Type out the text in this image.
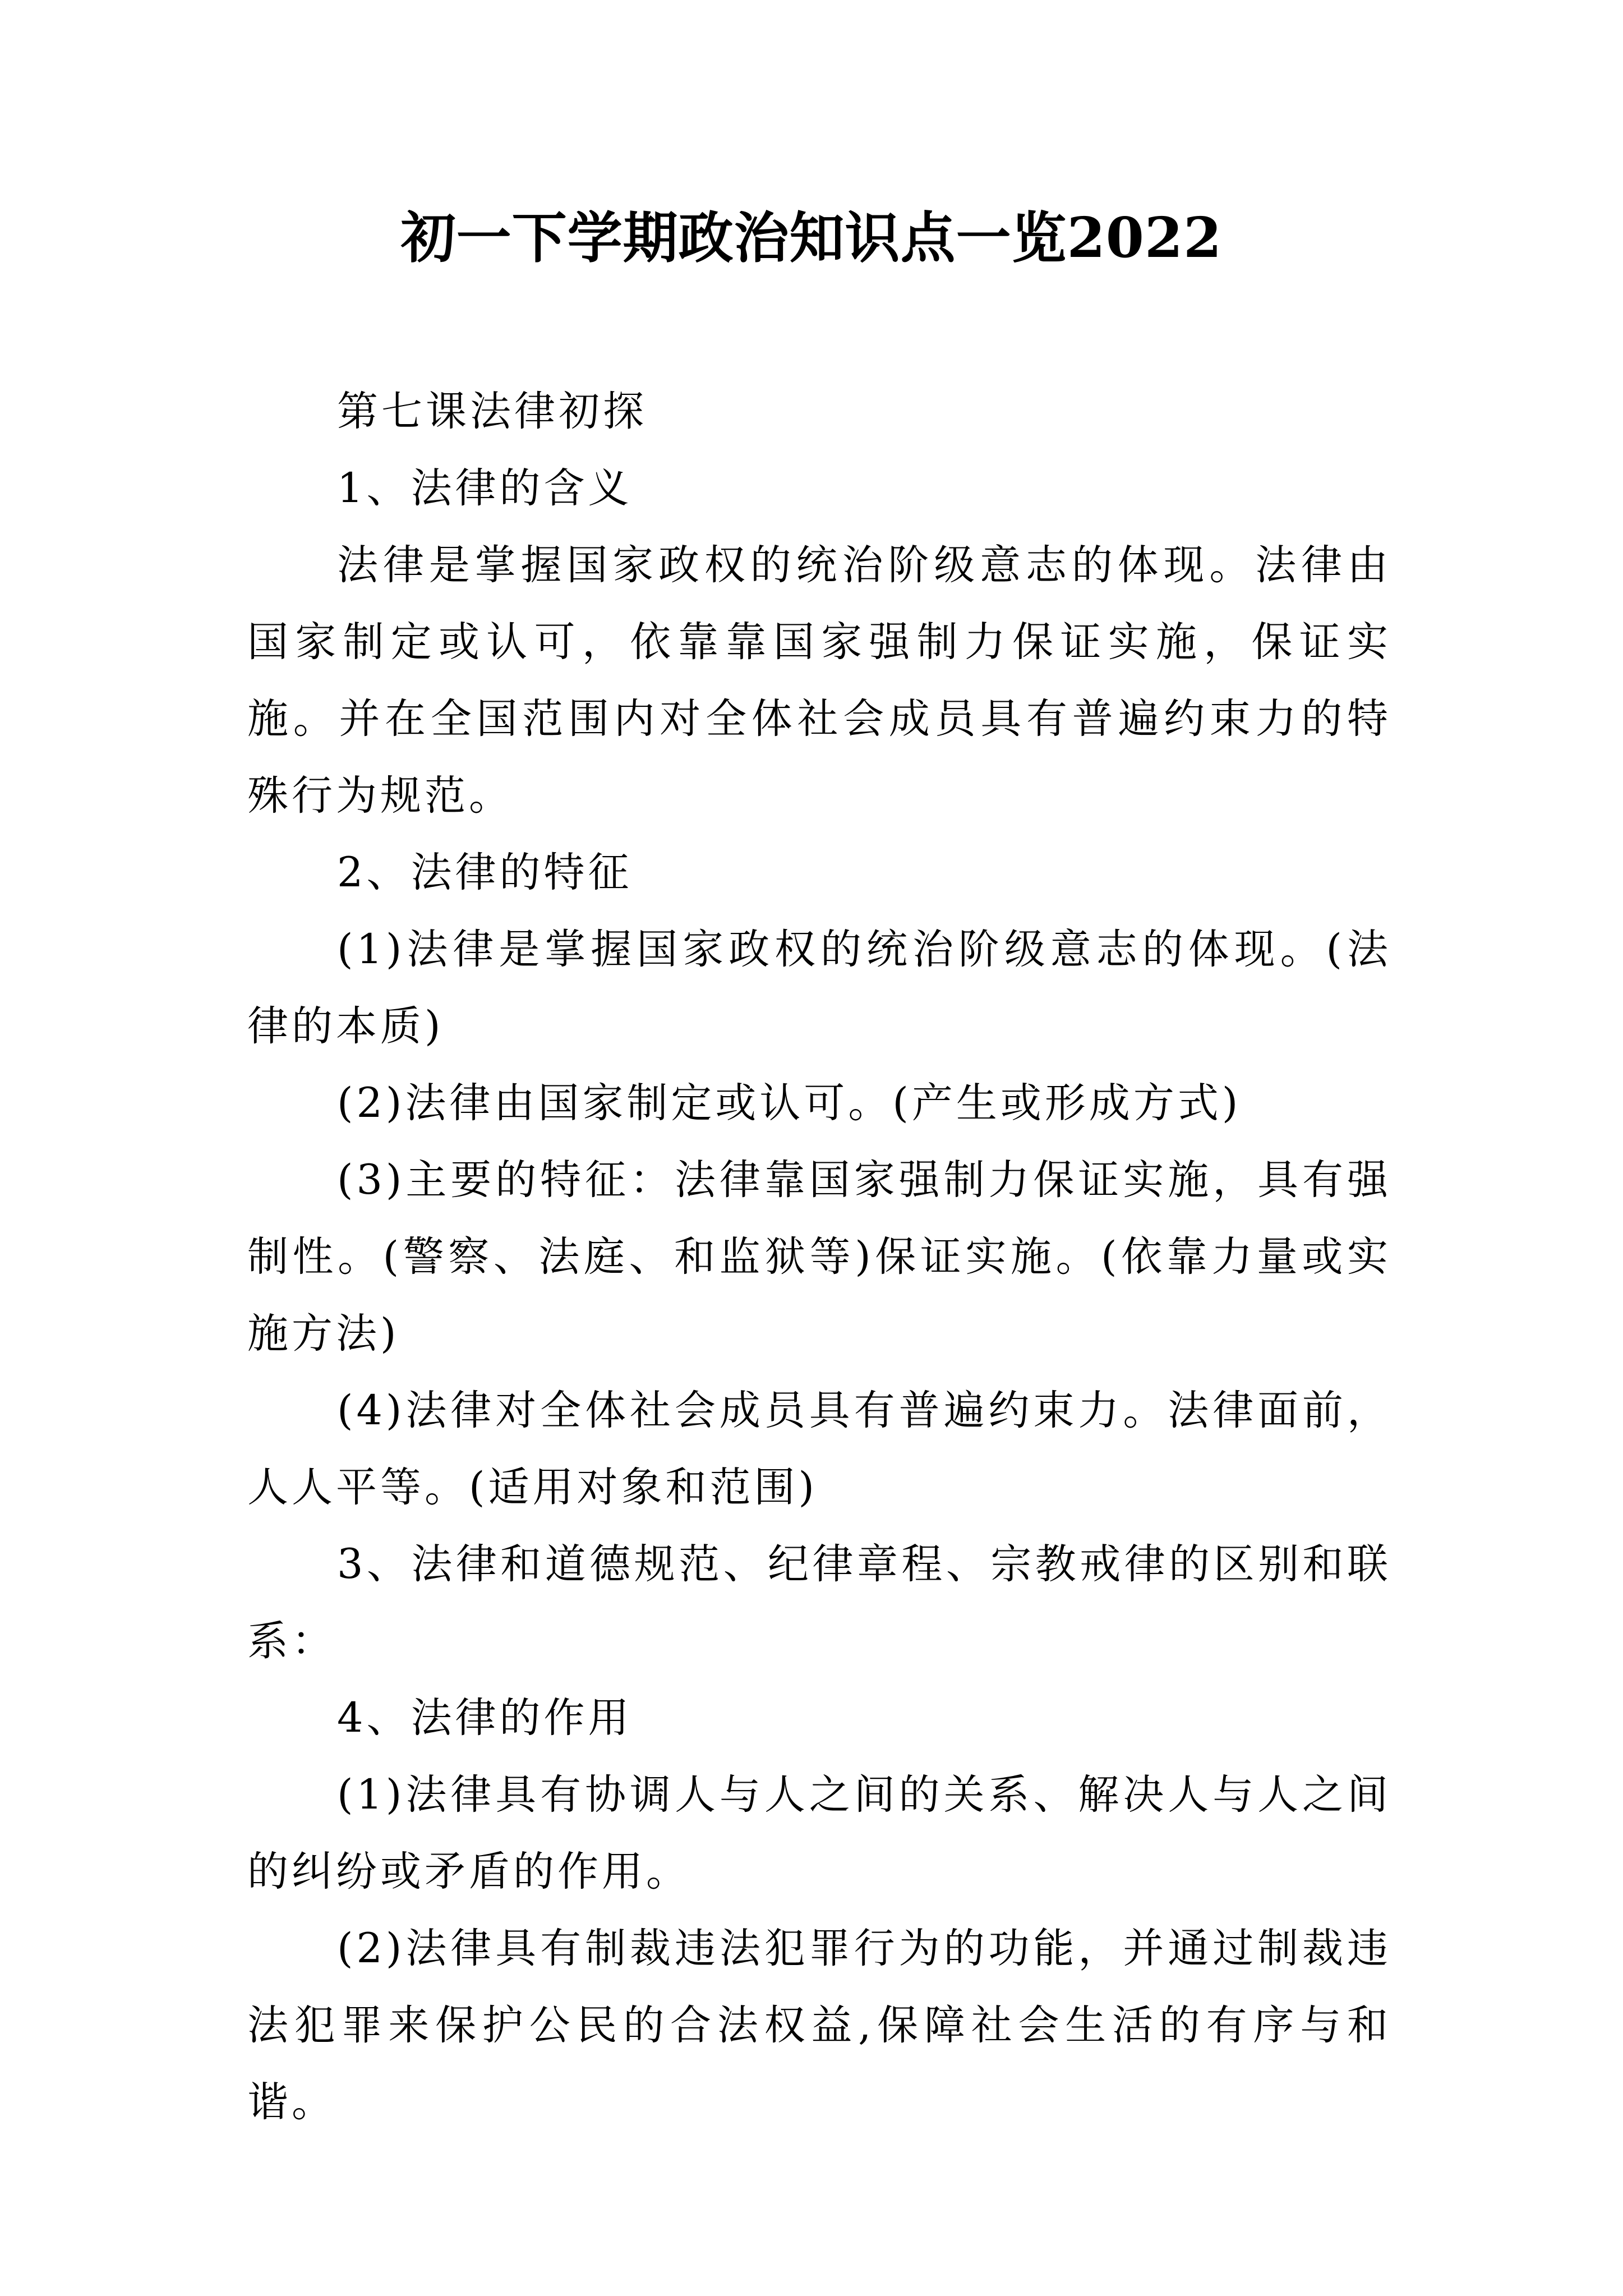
初一下学期政治知识点一览2022

第七课法律初探

1、法律的含义

法律是掌握国家政权的统治阶级意志的体现。法律由国家制定或认可，依靠靠国家强制力保证实施，保证实施。并在全国范围内对全体社会成员具有普遍约束力的特殊行为规范。

2、法律的特征

(1)法律是掌握国家政权的统治阶级意志的体现。(法律的本质)

(2)法律由国家制定或认可。(产生或形成方式)

(3)主要的特征：法律靠国家强制力保证实施，具有强制性。(警察、法庭、和监狱等)保证实施。(依靠力量或实施方法)

(4)法律对全体社会成员具有普遍约束力。法律面前，人人平等。(适用对象和范围)

3、法律和道德规范、纪律章程、宗教戒律的区别和联系：

4、法律的作用

(1)法律具有协调人与人之间的关系、解决人与人之间的纠纷或矛盾的作用。

(2)法律具有制裁违法犯罪行为的功能，并通过制裁违法犯罪来保护公民的合法权益,保障社会生活的有序与和谐。
